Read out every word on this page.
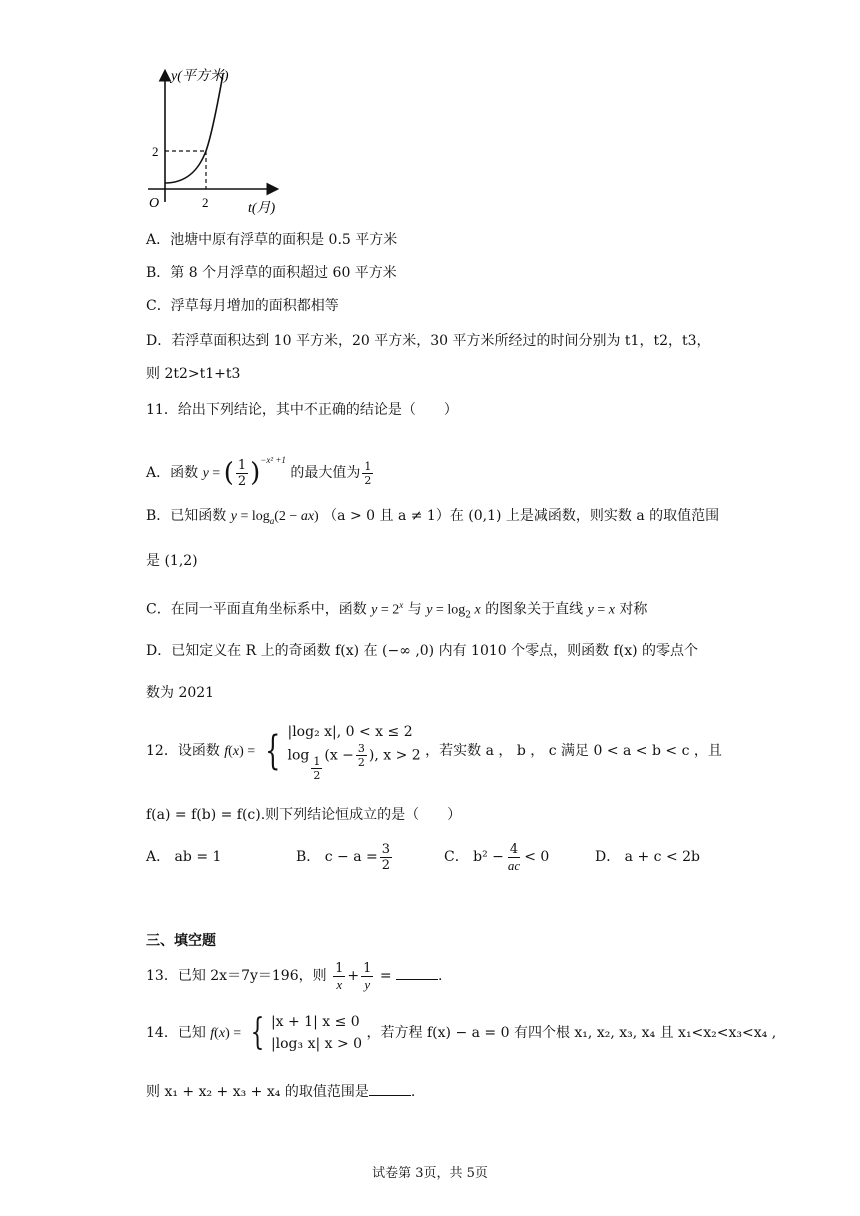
y(平方米)
t(月)
O
2
2
A．池塘中原有浮草的面积是 0.5 平方米
B．第 8 个月浮草的面积超过 60 平方米
C．浮草每月增加的面积都相等
D．若浮草面积达到 10 平方米，20 平方米，30 平方米所经过的时间分别为 t1，t2，t3，
则 2t2>t1+t3
11．给出下列结论，其中不正确的结论是（　　）
A．函数 y = ( $\frac{1}{2} )^{-x^2 +1}$ 的最大值为 $\frac{1}{2}$
B．已知函数 $y = \log_a(2 - ax) (a > 0$ 且 a ≠ 1）在 (0,1) 上是减函数，则实数 a 的取值范围
是 (1,2)
C．在同一平面直角坐标系中，函数 $y = 2^x$ 与 $y = \log_2 x$ 的图象关于直线 y = x 对称
D．已知定义在 R 上的奇函数 f(x) 在 (−∞ ,0) 内有 1010 个零点，则函数 f(x) 的零点个
数为 2021
12．设函数 f(x) = { |log₂ x|, 0 < x ≤ 2
log
$\frac{1}{2}$
($x - \frac{3}{2}$ ), x > 2 ，若实数 a ， b ， c 满足 0 < a < b < c ，且
f(a) = f(b) = f(c).则下列结论恒成立的是（　　）
A． ab = 1	B． $c - a = \frac{3}{2}$	C． $b^2 - \frac{4}{ac} < 0$	D． a + c < 2b
三、填空题
13．已知 2x＝7y＝196，则 $\frac{1}{x} + \frac{1}{y}$ =	.
14．已知 f(x) = { |x + 1| x ≤ 0
|log₃ x| x > 0
，若方程 f(x) − a = 0 有四个根 x₁, x₂, x₃, x₄ 且 x₁<x₂<x₃<x₄ ,
则 x₁ + x₂ + x₃ + x₄ 的取值范围是	.
试卷第 3页，共 5页
